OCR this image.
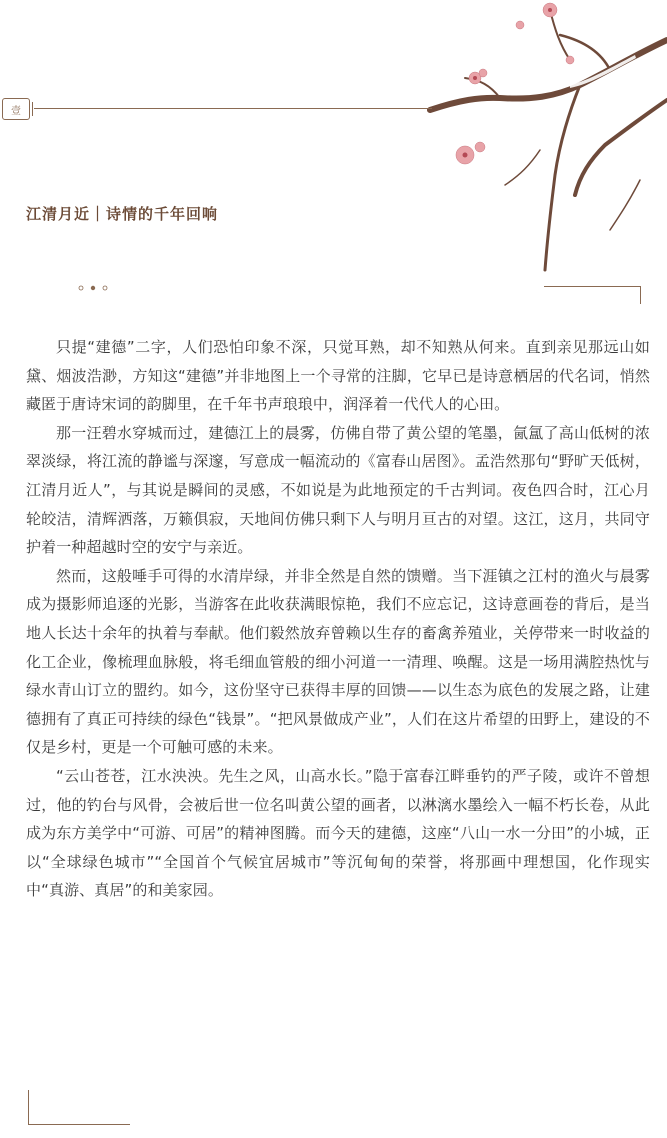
壹
江清月近｜诗情的千年回响

只提“建德”二字，人们恐怕印象不深，只觉耳熟，却不知熟从何来。直到亲见那远山如黛、烟波浩渺，方知这“建德”并非地图上一个寻常的注脚，它早已是诗意栖居的代名词，悄然藏匿于唐诗宋词的韵脚里，在千年书声琅琅中，润泽着一代代人的心田。

那一汪碧水穿城而过，建德江上的晨雾，仿佛自带了黄公望的笔墨，氤氲了高山低树的浓翠淡绿，将江流的静谧与深邃，写意成一幅流动的《富春山居图》。孟浩然那句“野旷天低树，江清月近人”，与其说是瞬间的灵感，不如说是为此地预定的千古判词。夜色四合时，江心月轮皎洁，清辉洒落，万籁俱寂，天地间仿佛只剩下人与明月亘古的对望。这江，这月，共同守护着一种超越时空的安宁与亲近。

然而，这般唾手可得的水清岸绿，并非全然是自然的馈赠。当下涯镇之江村的渔火与晨雾成为摄影师追逐的光影，当游客在此收获满眼惊艳，我们不应忘记，这诗意画卷的背后，是当地人长达十余年的执着与奉献。他们毅然放弃曾赖以生存的畜禽养殖业，关停带来一时收益的化工企业，像梳理血脉般，将毛细血管般的细小河道一一清理、唤醒。这是一场用满腔热忱与绿水青山订立的盟约。如今，这份坚守已获得丰厚的回馈——以生态为底色的发展之路，让建德拥有了真正可持续的绿色“钱景”。“把风景做成产业”，人们在这片希望的田野上，建设的不仅是乡村，更是一个可触可感的未来。

“云山苍苍，江水泱泱。先生之风，山高水长。”隐于富春江畔垂钓的严子陵，或许不曾想过，他的钓台与风骨，会被后世一位名叫黄公望的画者，以淋漓水墨绘入一幅不朽长卷，从此成为东方美学中“可游、可居”的精神图腾。而今天的建德，这座“八山一水一分田”的小城，正以“全球绿色城市”“全国首个气候宜居城市”等沉甸甸的荣誉，将那画中理想国，化作现实中“真游、真居”的和美家园。
